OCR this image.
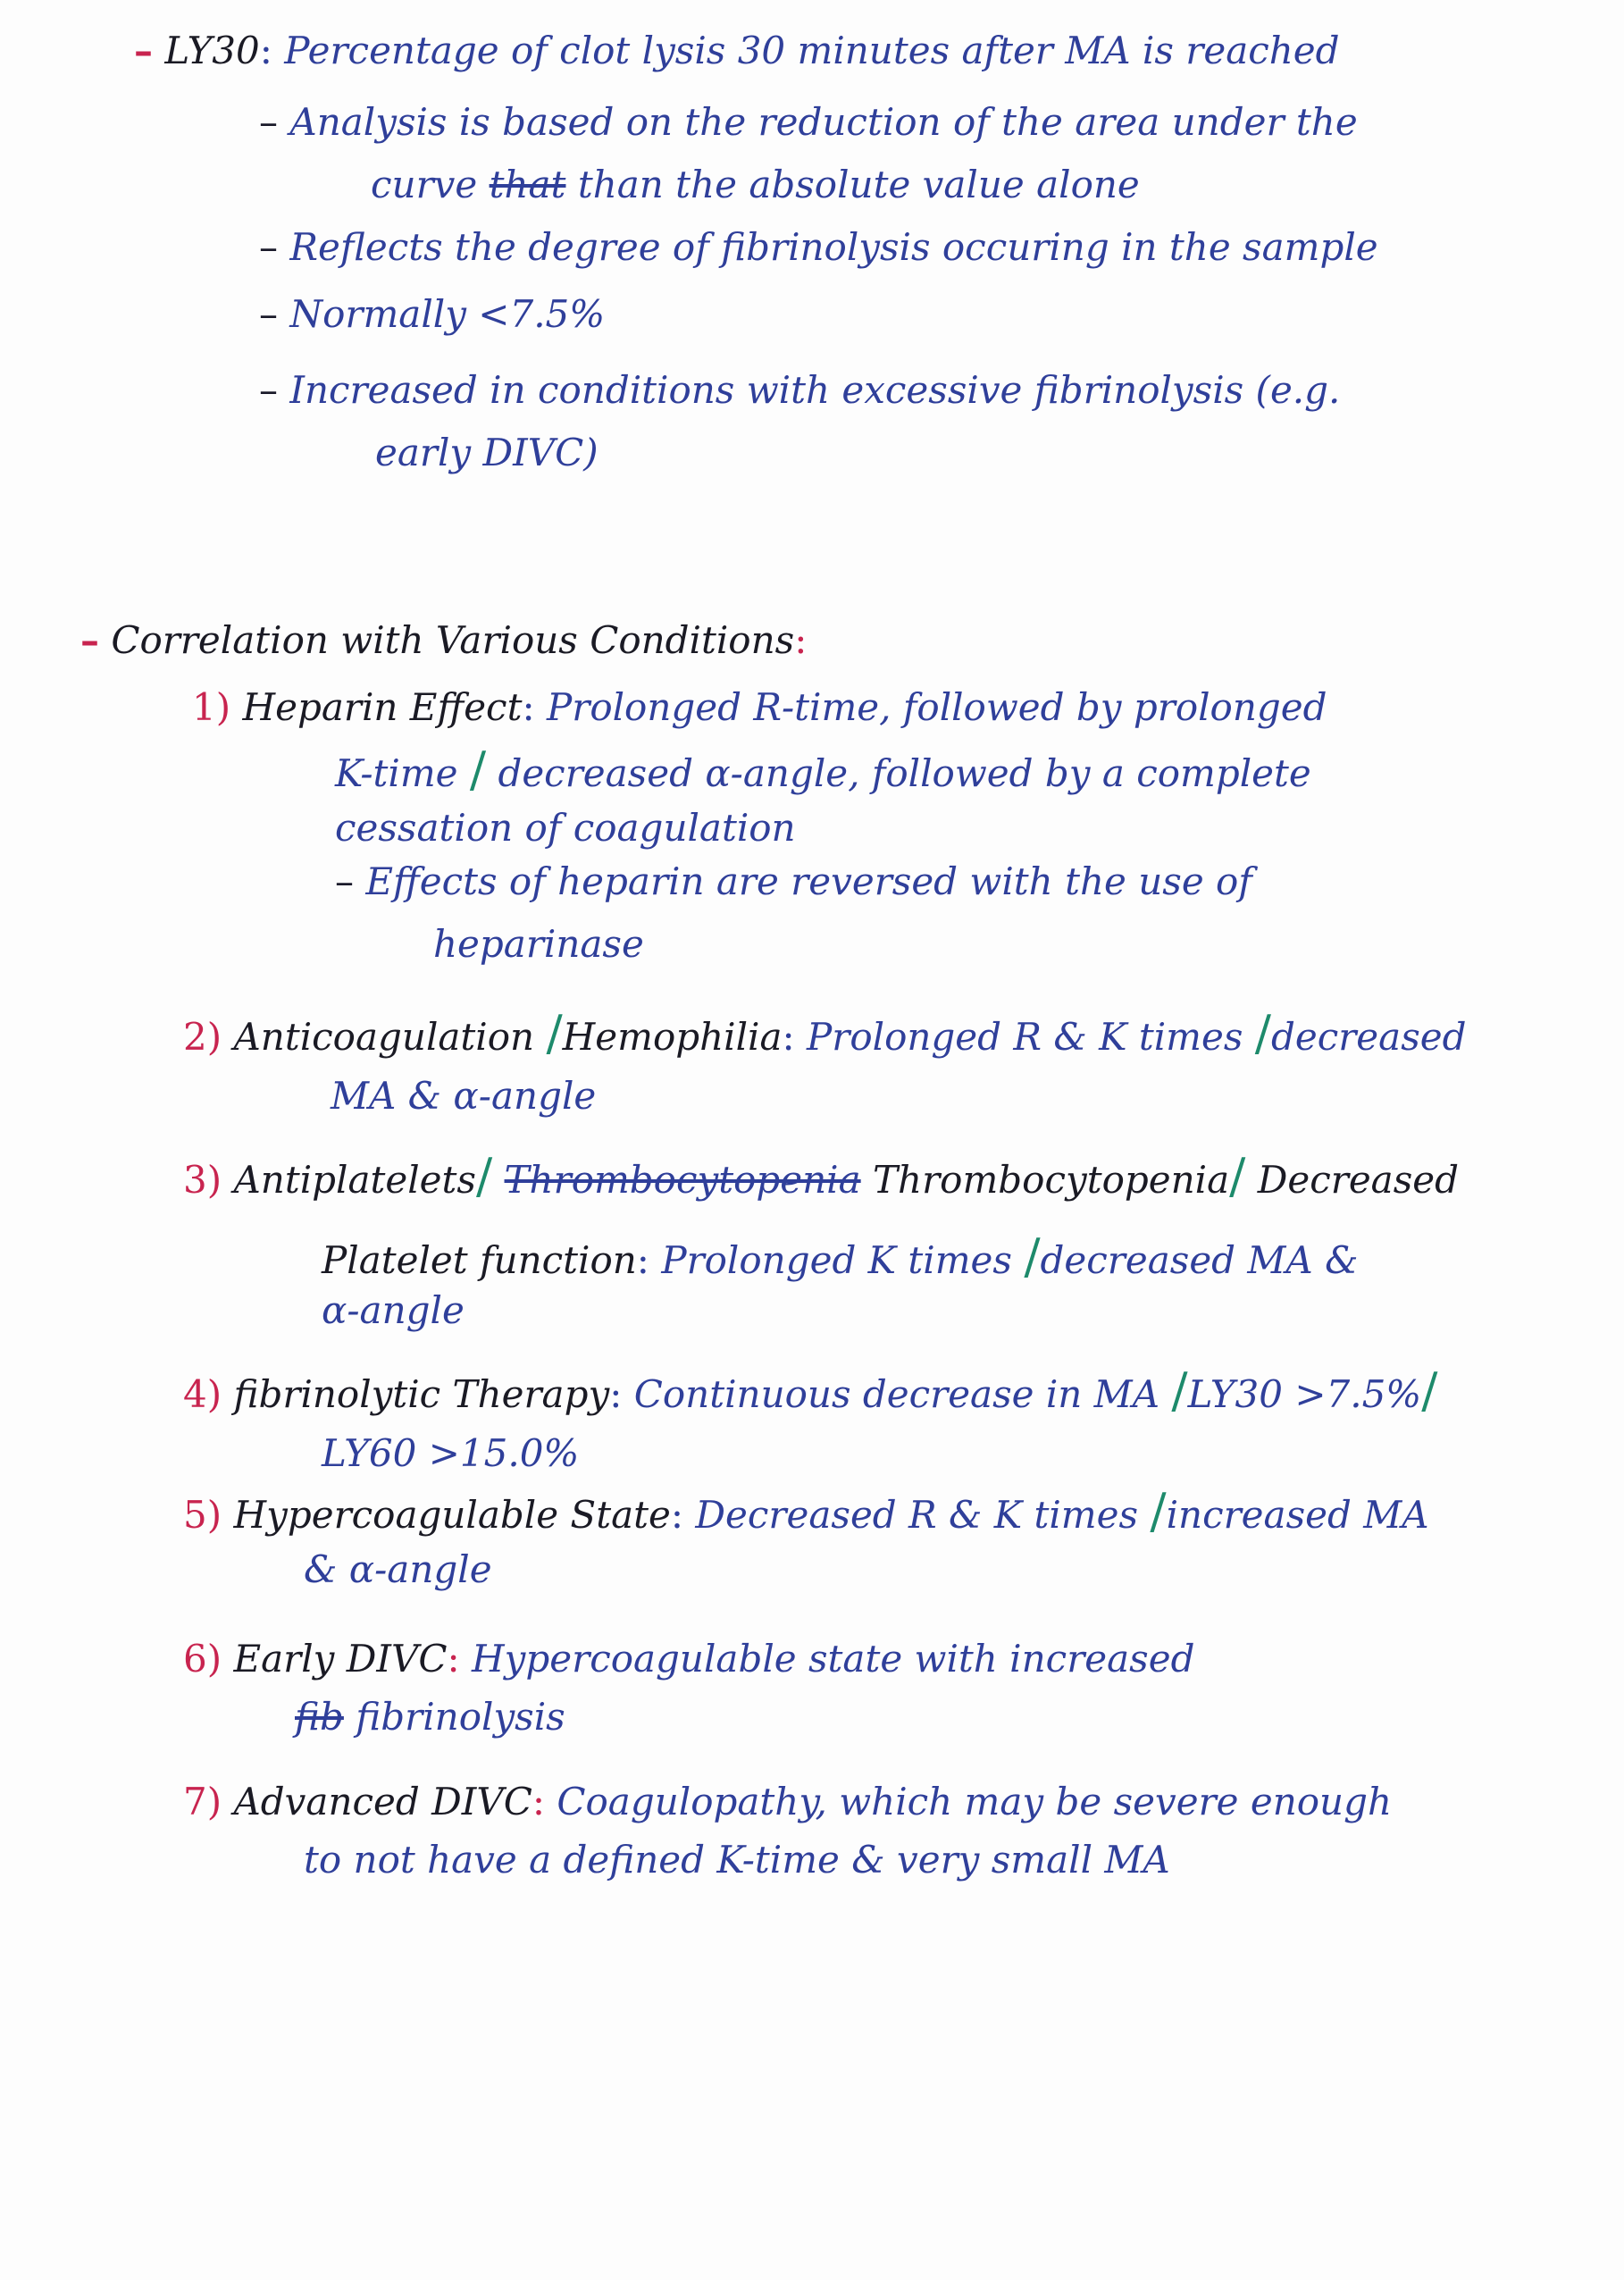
– LY30: Percentage of clot lysis 30 minutes after MA is reached
– Analysis is based on the reduction of the area under the
curve that than the absolute value alone
– Reflects the degree of fibrinolysis occuring in the sample
– Normally <7.5%
– Increased in conditions with excessive fibrinolysis (e.g.
early DIVC)
– Correlation with Various Conditions:
1) Heparin Effect: Prolonged R-time, followed by prolonged
K-time / decreased α-angle, followed by a complete
cessation of coagulation
– Effects of heparin are reversed with the use of
heparinase
2) Anticoagulation /Hemophilia: Prolonged R & K times /decreased
MA & α-angle
3) Antiplatelets/ Thrombocytopenia Thrombocytopenia/ Decreased
Platelet function: Prolonged K times /decreased MA &
α-angle
4) fibrinolytic Therapy: Continuous decrease in MA /LY30 >7.5%/
LY60 >15.0%
5) Hypercoagulable State: Decreased R & K times /increased MA
& α-angle
6) Early DIVC: Hypercoagulable state with increased
fib fibrinolysis
7) Advanced DIVC: Coagulopathy, which may be severe enough
to not have a defined K-time & very small MA
